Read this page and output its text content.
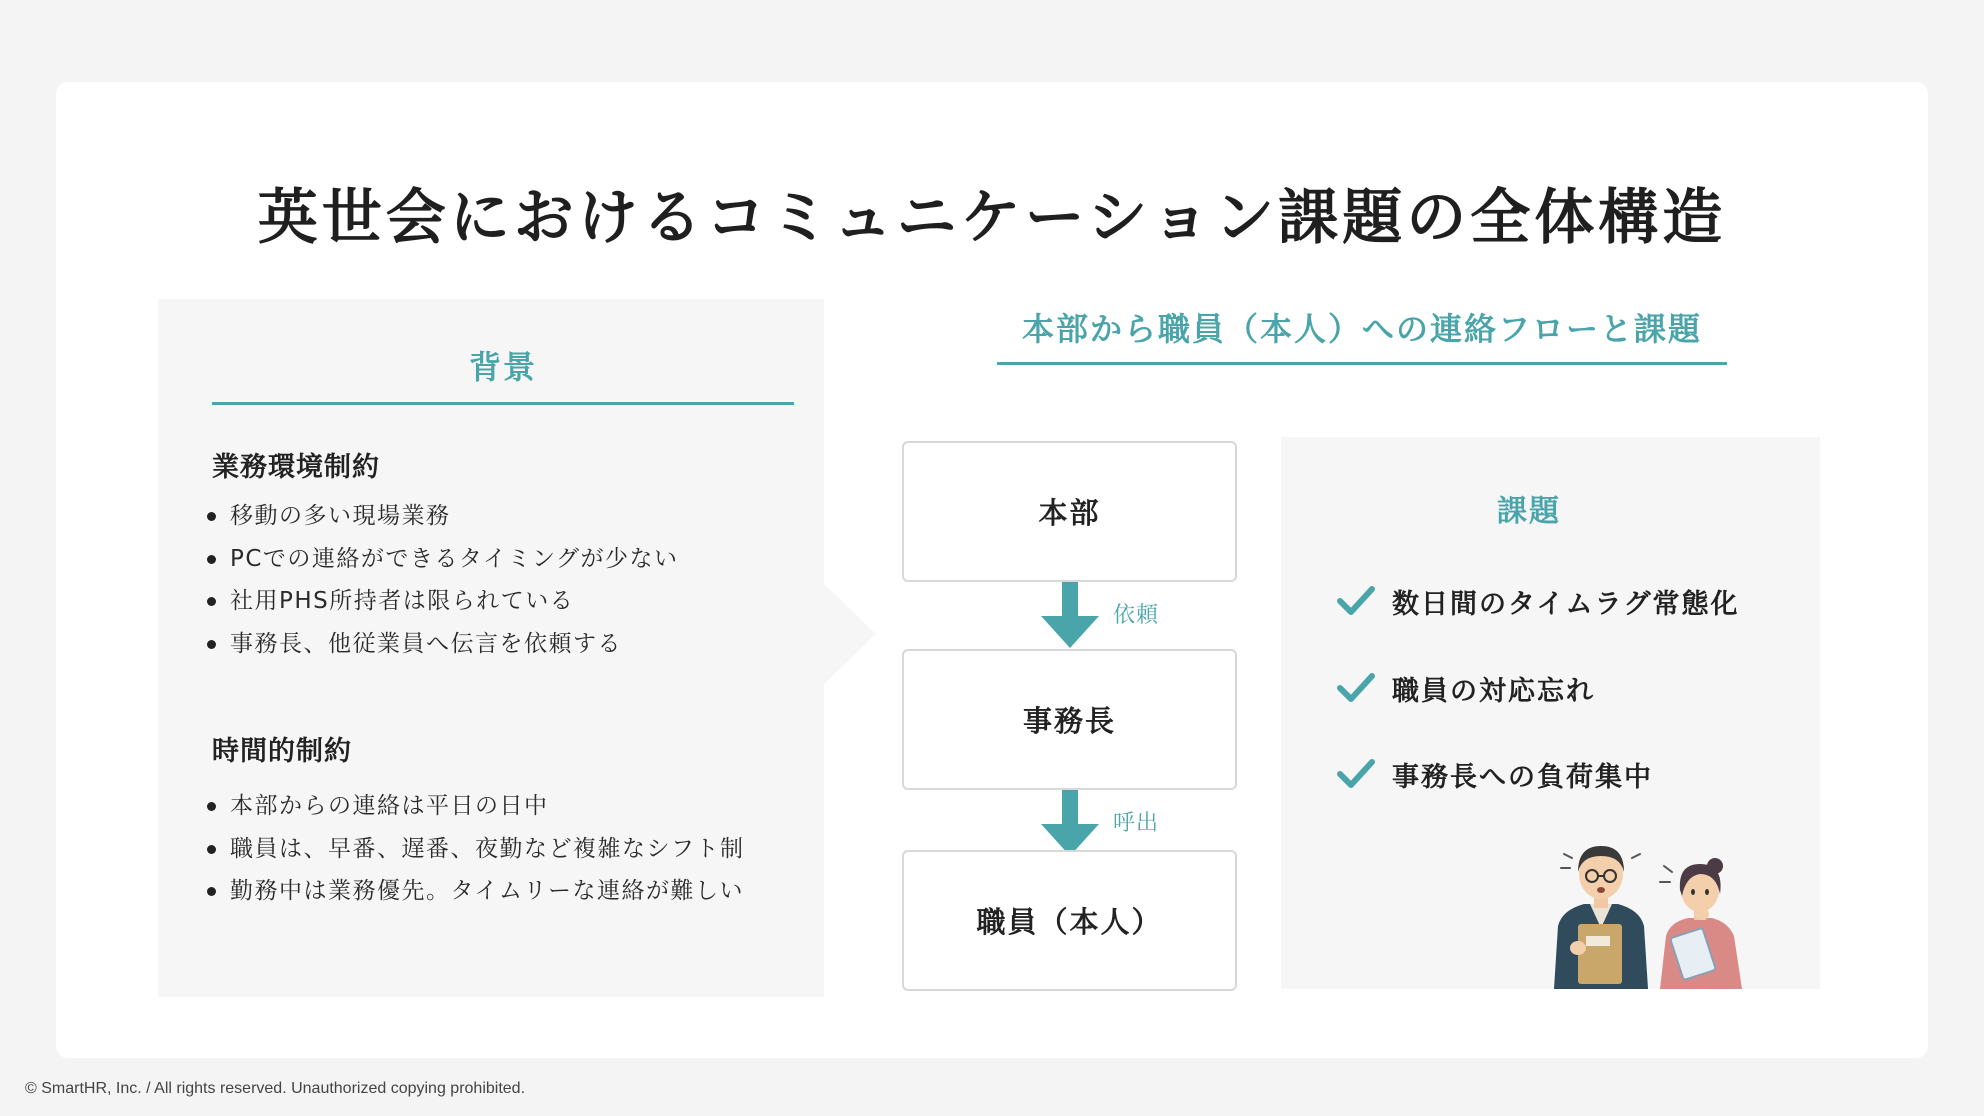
英世会におけるコミュニケーション課題の全体構造
背景
業務環境制約
移動の多い現場業務
PCでの連絡ができるタイミングが少ない
社用PHS所持者は限られている
事務長、他従業員へ伝言を依頼する
時間的制約
本部からの連絡は平日の日中
職員は、早番、遅番、夜勤など複雑なシフト制
勤務中は業務優先。タイムリーな連絡が難しい
本部から職員（本人）への連絡フローと課題
本部
依頼
事務長
呼出
職員（本人）
課題
数日間のタイムラグ常態化
職員の対応忘れ
事務長への負荷集中
© SmartHR, Inc. / All rights reserved. Unauthorized copying prohibited.
